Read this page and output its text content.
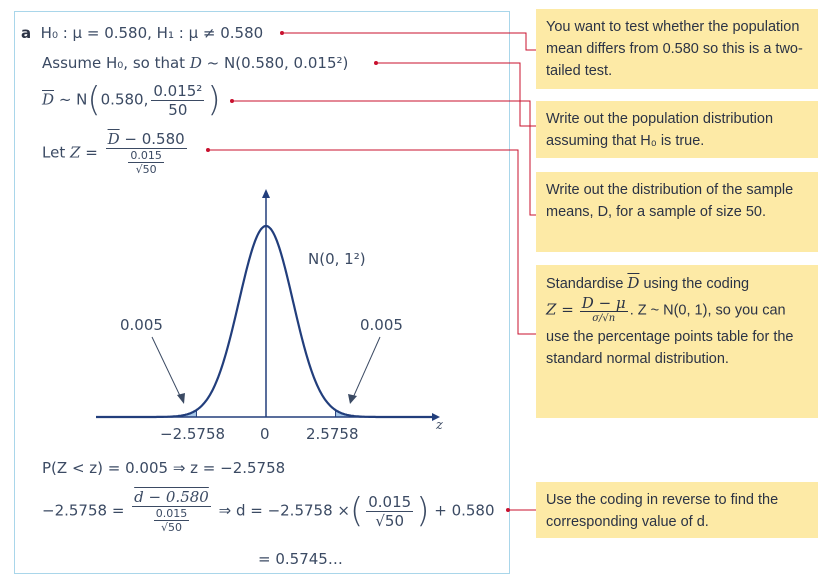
a H₀ : μ = 0.580, H₁ : μ ≠ 0.580
Assume H₀, so that D ~ N(0.580, 0.015²)
$\overline{D}$ ~ N(0.580, $\frac{\text{0.015²}}{50}$ )
Let $Z = \frac{\overline{D} - 0.580}{\frac{0.015}{√50}}$
N(0, 1²)
0.005	0.005
−2.5758 0 2.5758	z
P(Z < z) = 0.005 ⇒ z = −2.5758
$-2.5758 = \frac{d - 0.580}{\frac{0.015}{√50}}$ ⇒ d = −2.5758 ×( $\frac{0.015}{√50}$ ) + 0.580
= 0.5745…
You want to test whether the population mean differs from 0.580 so this is a two-tailed test.
Write out the population distribution assuming that H₀ is true.
Write out the distribution of the sample means, D, for a sample of size 50.
Standardise $\overline{D}$ using the coding
$Z = \frac{D - \mu}{\sigma/√n}$ . Z ~ N(0, 1), so you can use the percentage points table for the standard normal distribution.
Use the coding in reverse to find the corresponding value of d.
